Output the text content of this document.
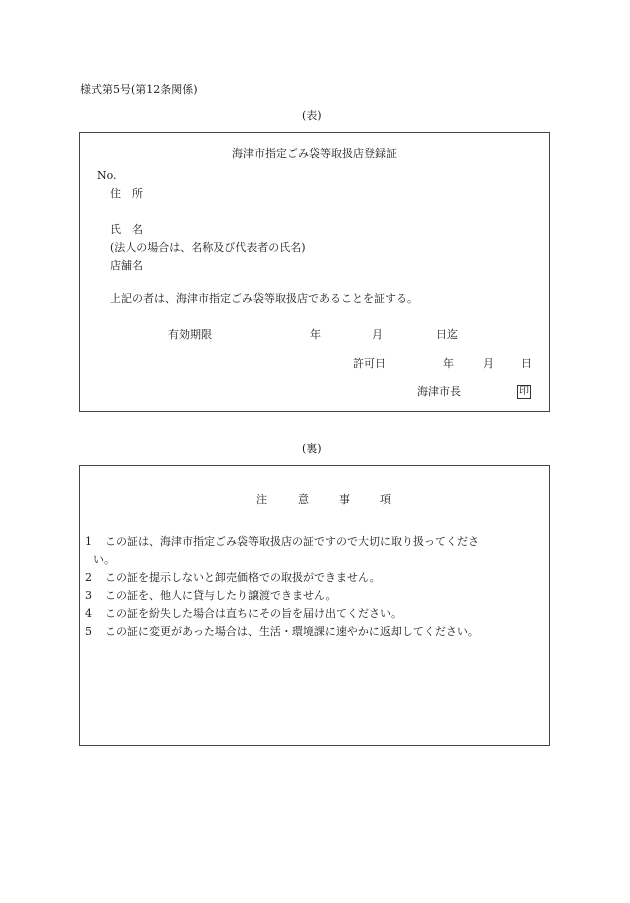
様式第5号(第12条関係)
(表)
海津市指定ごみ袋等取扱店登録証
No.
住　所
氏　名
(法人の場合は、名称及び代表者の氏名)
店舗名
上記の者は、海津市指定ごみ袋等取扱店であることを証する。
有効期限	年	月	日迄
許可日	年	月 日
海津市長	印
(裏)
注	意	事	項
1 この証は、海津市指定ごみ袋等取扱店の証ですので大切に取り扱ってくださ
い。
2 この証を提示しないと卸売価格での取扱ができません。
3 この証を、他人に貸与したり譲渡できません。
4 この証を紛失した場合は直ちにその旨を届け出てください。
5 この証に変更があった場合は、生活・環境課に速やかに返却してください。
